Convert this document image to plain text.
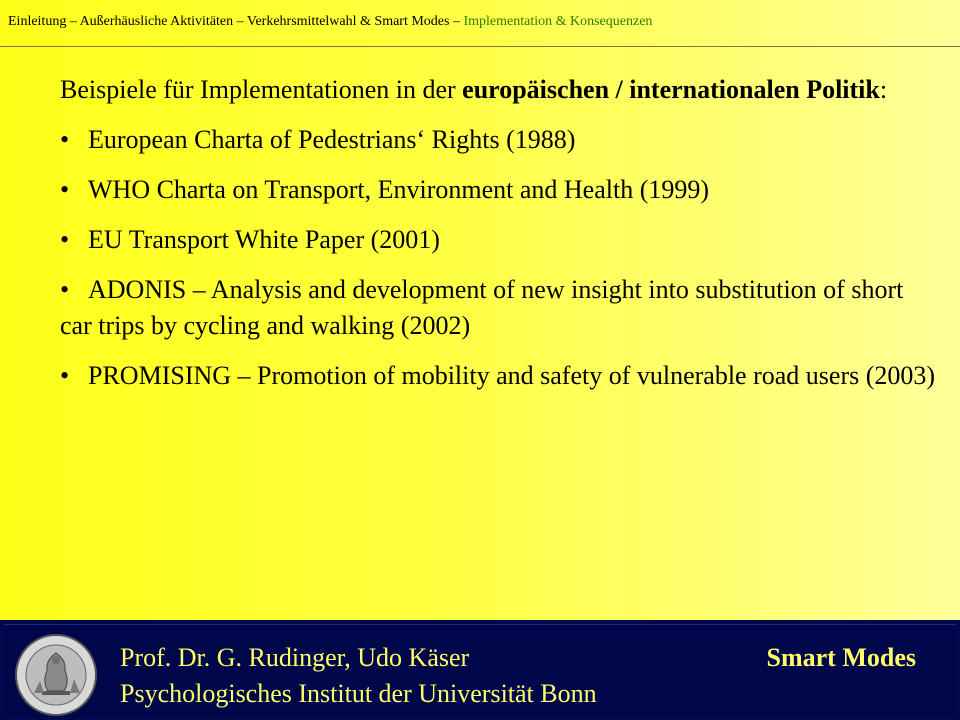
Einleitung – Außerhäusliche Aktivitäten – Verkehrsmittelwahl & Smart Modes – Implementation & Konsequenzen

Beispiele für Implementationen in der europäischen / internationalen Politik:

• European Charta of Pedestrians‘ Rights (1988)

• WHO Charta on Transport, Environment and Health (1999)

• EU Transport White Paper (2001)

• ADONIS – Analysis and development of new insight into substitution of short car trips by cycling and walking (2002)

• PROMISING – Promotion of mobility and safety of vulnerable road users (2003)

Prof. Dr. G. Rudinger, Udo Käser
Psychologisches Institut der Universität Bonn
Smart Modes
